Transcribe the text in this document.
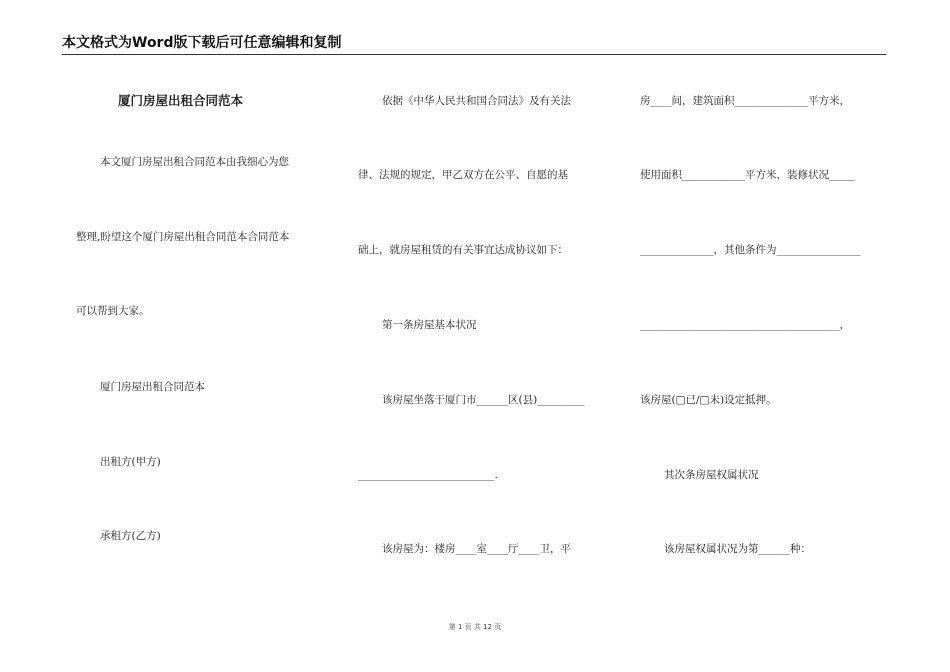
本文格式为Word版下载后可任意编辑和复制
厦门房屋出租合同范本
本文厦门房屋出租合同范本由我细心为您
整理,盼望这个厦门房屋出租合同范本合同范本
可以帮到大家。
厦门房屋出租合同范本
出租方(甲方)
承租方(乙方)
依据《中华人民共和国合同法》及有关法
律、法规的规定，甲乙双方在公平、自愿的基
础上，就房屋租赁的有关事宜达成协议如下：
第一条房屋基本状况
该房屋坐落于厦门市______区(县)_________
__________________________.
该房屋为：楼房____室____厅____卫，平
房____间，建筑面积______________平方米，
使用面积____________平方米，装修状况_____
______________，其他条件为________________
______________________________________，
该房屋(□已/□未)设定抵押。
其次条房屋权属状况
该房屋权属状况为第______种：
第 1 页 共 12 页
